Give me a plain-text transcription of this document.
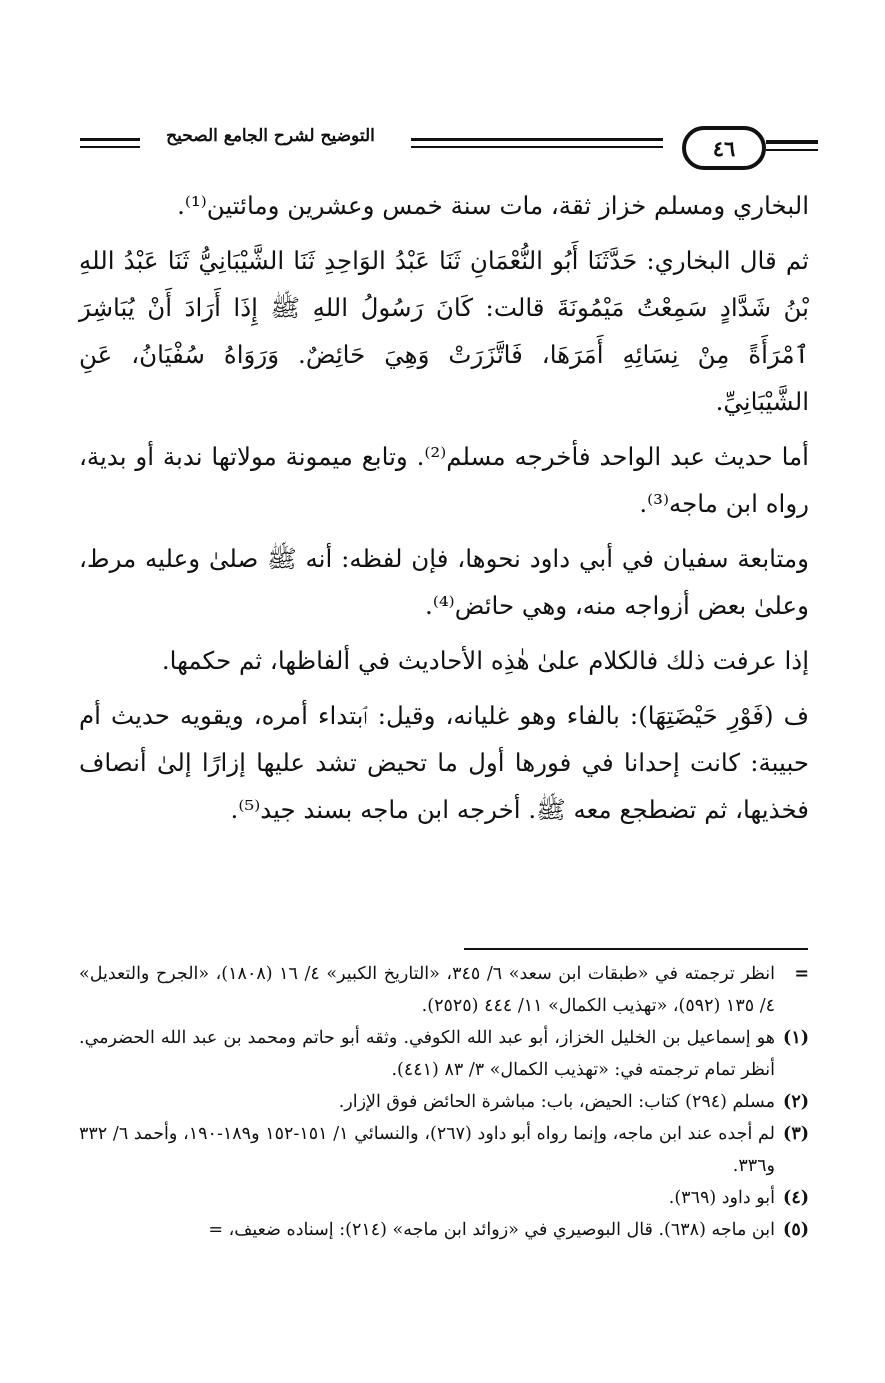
٤٦
التوضيح لشرح الجامع الصحيح

البخاري ومسلم خزاز ثقة، مات سنة خمس وعشرين ومائتين⁽¹⁾.

ثم قال البخاري: حَدَّثَنَا أَبُو النُّعْمَانِ ثَنَا عَبْدُ الوَاحِدِ ثَنَا الشَّيْبَانِيُّ ثَنَا عَبْدُ اللهِ بْنُ شَدَّادٍ سَمِعْتُ مَيْمُونَةَ قالت: كَانَ رَسُولُ اللهِ ﷺ إِذَا أَرَادَ أَنْ يُبَاشِرَ ٱمْرَأَةً مِنْ نِسَائِهِ أَمَرَهَا، فَاتَّزَرَتْ وَهِيَ حَائِضٌ. وَرَوَاهُ سُفْيَانُ، عَنِ الشَّيْبَانِيِّ.

أما حديث عبد الواحد فأخرجه مسلم⁽²⁾. وتابع ميمونة مولاتها ندبة أو بدية، رواه ابن ماجه⁽³⁾.

ومتابعة سفيان في أبي داود نحوها، فإن لفظه: أنه ﷺ صلىٰ وعليه مرط، وعلىٰ بعض أزواجه منه، وهي حائض⁽⁴⁾.

إذا عرفت ذلك فالكلام علىٰ هٰذِه الأحاديث في ألفاظها، ثم حكمها.

ف (فَوْرِ حَيْضَتِهَا): بالفاء وهو غليانه، وقيل: ٱبتداء أمره، ويقويه حديث أم حبيبة: كانت إحدانا في فورها أول ما تحيض تشد عليها إزارًا إلىٰ أنصاف فخذيها، ثم تضطجع معه ﷺ. أخرجه ابن ماجه بسند جيد⁽⁵⁾.

=
انظر ترجمته في «طبقات ابن سعد» ٦/ ٣٤٥، «التاريخ الكبير» ٤/ ١٦ (١٨٠٨)، «الجرح والتعديل» ٤/ ١٣٥ (٥٩٢)، «تهذيب الكمال» ١١/ ٤٤٤ (٢٥٢٥).
(١)
هو إسماعيل بن الخليل الخزاز، أبو عبد الله الكوفي. وثقه أبو حاتم ومحمد بن عبد الله الحضرمي. أنظر تمام ترجمته في: «تهذيب الكمال» ٣/ ٨٣ (٤٤١).
(٢)
مسلم (٢٩٤) كتاب: الحيض، باب: مباشرة الحائض فوق الإزار.
(٣)
لم أجده عند ابن ماجه، وإنما رواه أبو داود (٢٦٧)، والنسائي ١/ ١٥١-١٥٢ و١٨٩-١٩٠، وأحمد ٦/ ٣٣٢ و٣٣٦.
(٤)
أبو داود (٣٦٩).
(٥)
ابن ماجه (٦٣٨). قال البوصيري في «زوائد ابن ماجه» (٢١٤): إسناده ضعيف، =
